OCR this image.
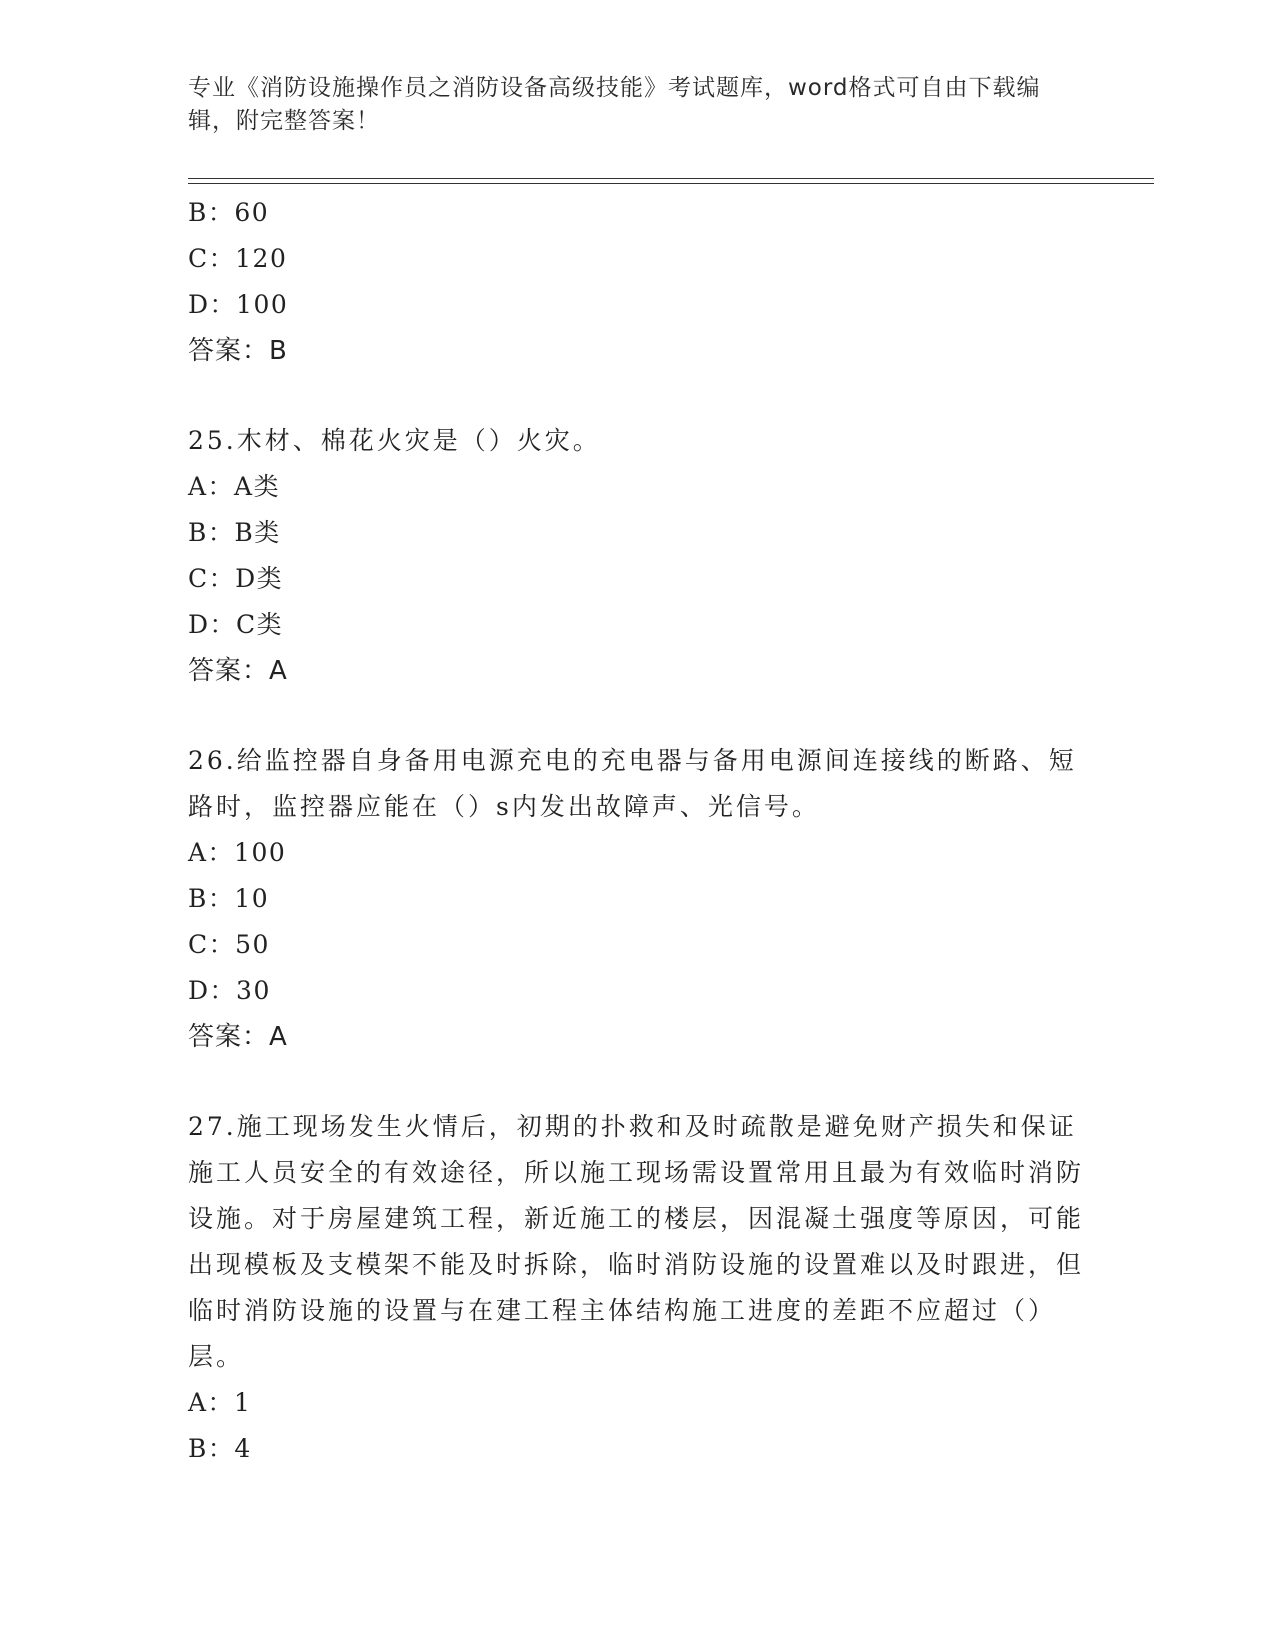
专业《消防设施操作员之消防设备高级技能》考试题库，word格式可自由下载编辑，附完整答案！
B：60
C：120
D：100
答案：B
25.木材、棉花火灾是（）火灾。
A：A类
B：B类
C：D类
D：C类
答案：A
26.给监控器自身备用电源充电的充电器与备用电源间连接线的断路、短路时，监控器应能在（）s内发出故障声、光信号。
A：100
B：10
C：50
D：30
答案：A
27.施工现场发生火情后，初期的扑救和及时疏散是避免财产损失和保证施工人员安全的有效途径，所以施工现场需设置常用且最为有效临时消防设施。对于房屋建筑工程，新近施工的楼层，因混凝土强度等原因，可能出现模板及支模架不能及时拆除，临时消防设施的设置难以及时跟进，但临时消防设施的设置与在建工程主体结构施工进度的差距不应超过（）层。
A：1
B：4
